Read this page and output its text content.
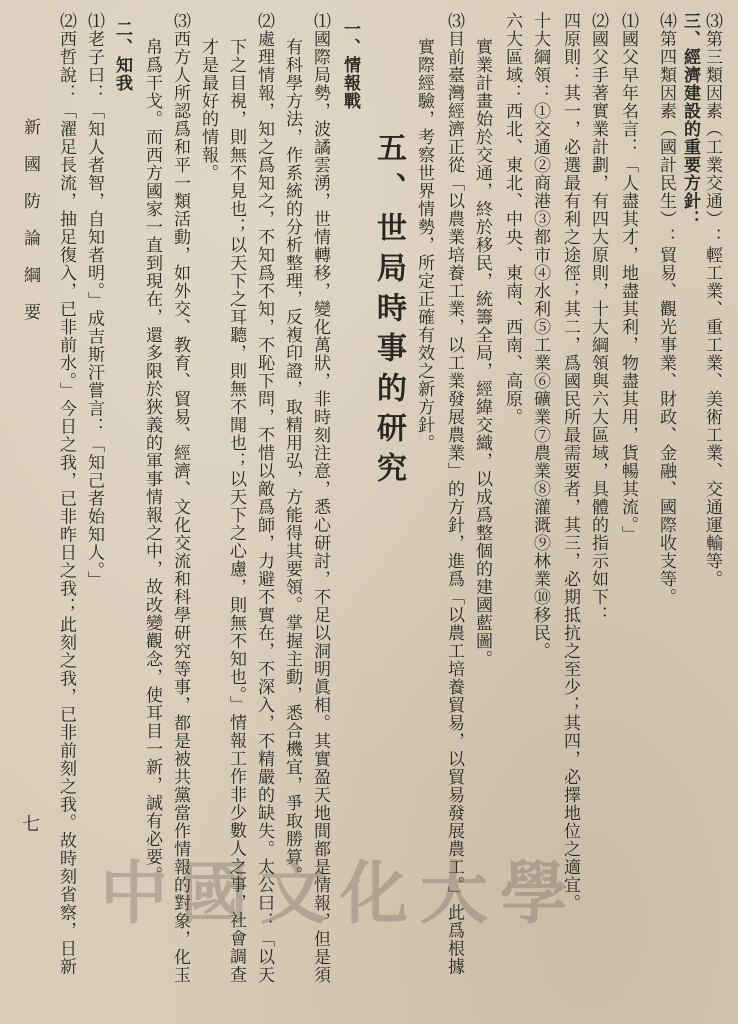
三、經濟建設的重要方針： ⑶第三類因素（工業交通）：輕工業、重工業、美術工業、交通運輸等。
⑷第四類因素（國計民生）：貿易、觀光事業、財政、金融、國際收支等。
⑴國父早年名言：「人盡其才，地盡其利，物盡其用，貨暢其流。」
⑵國父手著實業計劃，有四大原則，十大綱領與六大區域，具體的指示如下：
四原則：其一，必選最有利之途徑；其二，爲國民所最需要者，其三，必期抵抗之至少；其四，必擇地位之適宜。
十大綱領：①交通②商港③都市④水利⑤工業⑥礦業⑦農業⑧灌溉⑨林業⑩移民。
六大區域：西北、東北、中央、東南、西南、高原。
實業計畫始於交通，終於移民，統籌全局，經緯交織，以成爲整個的建國藍圖。
⑶目前臺灣經濟正從「以農業培養工業，以工業發展農業」的方針，進爲「以農工培養貿易，以貿易發展農工。」此爲根據
實際經驗，考察世界情勢，所定正確有效之新方針。
五、世局時事的研究
一、情報戰
⑴國際局勢，波譎雲湧，世情轉移，變化萬狀，非時刻注意，悉心研討，不足以洞明眞相。其實盈天地間都是情報，但是須
有科學方法，作系統的分析整理，反複印證，取精用弘，方能得其要領。掌握主動，悉合機宜，爭取勝算。
⑵處理情報，知之爲知之，不知爲不知，不恥下問，不惜以敵爲師，力避不實在，不深入，不精嚴的缺失。太公曰：「以天
下之目視，則無不見也；以天下之耳聽，則無不聞也；以天下之心慮，則無不知也。」情報工作非少數人之事，社會調查
才是最好的情報。
⑶西方人所認爲和平一類活動，如外交、教育、貿易、經濟、文化交流和科學研究等事，都是被共黨當作情報的對象，化玉
帛爲干戈。而西方國家一直到現在，還多限於狹義的軍事情報之中，故改變觀念，使耳目一新，誠有必要。
二、知我
⑴老子曰：「知人者智，自知者明。」成吉斯汗嘗言：「知己者始知人。」
⑵西哲說：「濯足長流，抽足復入，已非前水。」今日之我，已非昨日之我；此刻之我，已非前刻之我。故時刻省察，日新
新國防論綱要
七
中國文化大學
